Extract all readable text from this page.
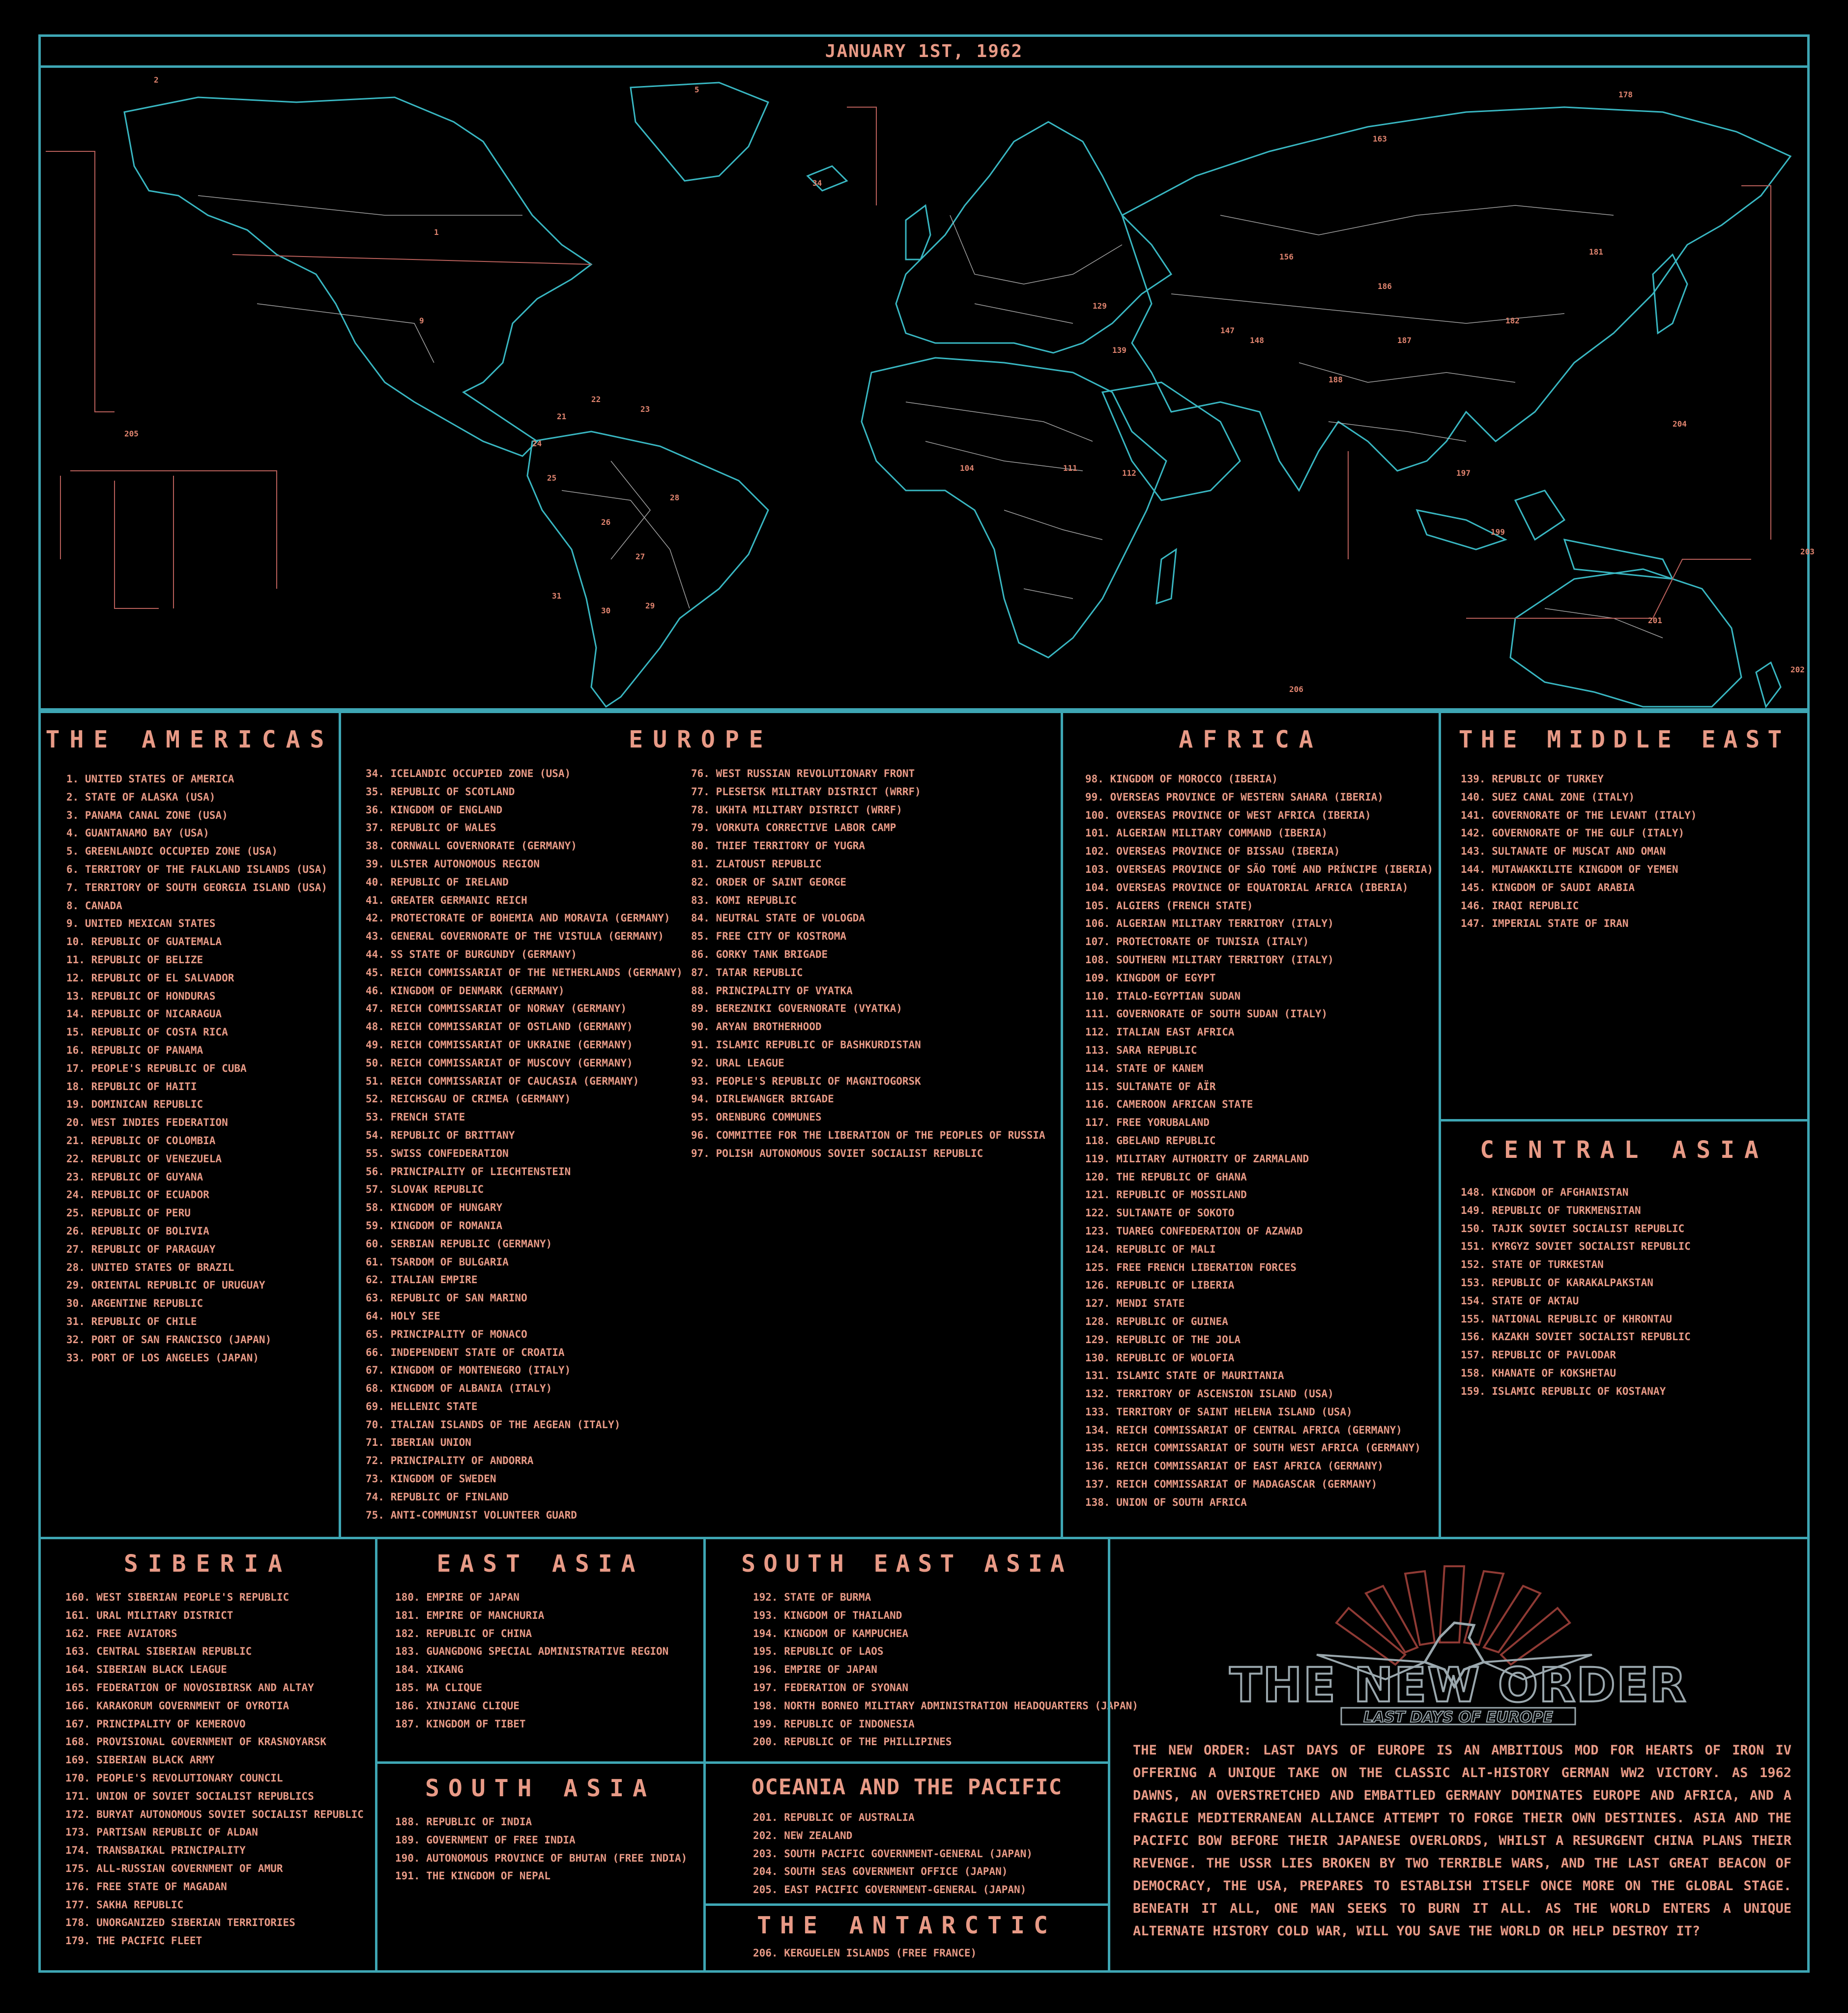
JANUARY 1ST, 1962
1
2
5
9
21
22
23
24
25
26
27
28
29
30
31
34
104	111
112
129
139
147
148
156
163
178
181
182
186
187
188
197
199
201
202
203
204
205
206
THE AMERICAS
1. UNITED STATES OF AMERICA
2. STATE OF ALASKA (USA)
3. PANAMA CANAL ZONE (USA)
4. GUANTANAMO BAY (USA)
5. GREENLANDIC OCCUPIED ZONE (USA)
6. TERRITORY OF THE FALKLAND ISLANDS (USA)
7. TERRITORY OF SOUTH GEORGIA ISLAND (USA)
8. CANADA
9. UNITED MEXICAN STATES
10. REPUBLIC OF GUATEMALA
11. REPUBLIC OF BELIZE
12. REPUBLIC OF EL SALVADOR
13. REPUBLIC OF HONDURAS
14. REPUBLIC OF NICARAGUA
15. REPUBLIC OF COSTA RICA
16. REPUBLIC OF PANAMA
17. PEOPLE'S REPUBLIC OF CUBA
18. REPUBLIC OF HAITI
19. DOMINICAN REPUBLIC
20. WEST INDIES FEDERATION
21. REPUBLIC OF COLOMBIA
22. REPUBLIC OF VENEZUELA
23. REPUBLIC OF GUYANA
24. REPUBLIC OF ECUADOR
25. REPUBLIC OF PERU
26. REPUBLIC OF BOLIVIA
27. REPUBLIC OF PARAGUAY
28. UNITED STATES OF BRAZIL
29. ORIENTAL REPUBLIC OF URUGUAY
30. ARGENTINE REPUBLIC
31. REPUBLIC OF CHILE
32. PORT OF SAN FRANCISCO (JAPAN)
33. PORT OF LOS ANGELES (JAPAN)
EUROPE
34. ICELANDIC OCCUPIED ZONE (USA)
35. REPUBLIC OF SCOTLAND
36. KINGDOM OF ENGLAND
37. REPUBLIC OF WALES
38. CORNWALL GOVERNORATE (GERMANY)
39. ULSTER AUTONOMOUS REGION
40. REPUBLIC OF IRELAND
41. GREATER GERMANIC REICH
42. PROTECTORATE OF BOHEMIA AND MORAVIA (GERMANY)
43. GENERAL GOVERNORATE OF THE VISTULA (GERMANY)
44. SS STATE OF BURGUNDY (GERMANY)
45. REICH COMMISSARIAT OF THE NETHERLANDS (GERMANY)
46. KINGDOM OF DENMARK (GERMANY)
47. REICH COMMISSARIAT OF NORWAY (GERMANY)
48. REICH COMMISSARIAT OF OSTLAND (GERMANY)
49. REICH COMMISSARIAT OF UKRAINE (GERMANY)
50. REICH COMMISSARIAT OF MUSCOVY (GERMANY)
51. REICH COMMISSARIAT OF CAUCASIA (GERMANY)
52. REICHSGAU OF CRIMEA (GERMANY)
53. FRENCH STATE
54. REPUBLIC OF BRITTANY
55. SWISS CONFEDERATION
56. PRINCIPALITY OF LIECHTENSTEIN
57. SLOVAK REPUBLIC
58. KINGDOM OF HUNGARY
59. KINGDOM OF ROMANIA
60. SERBIAN REPUBLIC (GERMANY)
61. TSARDOM OF BULGARIA
62. ITALIAN EMPIRE
63. REPUBLIC OF SAN MARINO
64. HOLY SEE
65. PRINCIPALITY OF MONACO
66. INDEPENDENT STATE OF CROATIA
67. KINGDOM OF MONTENEGRO (ITALY)
68. KINGDOM OF ALBANIA (ITALY)
69. HELLENIC STATE
70. ITALIAN ISLANDS OF THE AEGEAN (ITALY)
71. IBERIAN UNION
72. PRINCIPALITY OF ANDORRA
73. KINGDOM OF SWEDEN
74. REPUBLIC OF FINLAND
75. ANTI-COMMUNIST VOLUNTEER GUARD
76. WEST RUSSIAN REVOLUTIONARY FRONT
77. PLESETSK MILITARY DISTRICT (WRRF)
78. UKHTA MILITARY DISTRICT (WRRF)
79. VORKUTA CORRECTIVE LABOR CAMP
80. THIEF TERRITORY OF YUGRA
81. ZLATOUST REPUBLIC
82. ORDER OF SAINT GEORGE
83. KOMI REPUBLIC
84. NEUTRAL STATE OF VOLOGDA
85. FREE CITY OF KOSTROMA
86. GORKY TANK BRIGADE
87. TATAR REPUBLIC
88. PRINCIPALITY OF VYATKA
89. BEREZNIKI GOVERNORATE (VYATKA)
90. ARYAN BROTHERHOOD
91. ISLAMIC REPUBLIC OF BASHKURDISTAN
92. URAL LEAGUE
93. PEOPLE'S REPUBLIC OF MAGNITOGORSK
94. DIRLEWANGER BRIGADE
95. ORENBURG COMMUNES
96. COMMITTEE FOR THE LIBERATION OF THE PEOPLES OF RUSSIA
97. POLISH AUTONOMOUS SOVIET SOCIALIST REPUBLIC
AFRICA
98. KINGDOM OF MOROCCO (IBERIA)
99. OVERSEAS PROVINCE OF WESTERN SAHARA (IBERIA)
100. OVERSEAS PROVINCE OF WEST AFRICA (IBERIA)
101. ALGERIAN MILITARY COMMAND (IBERIA)
102. OVERSEAS PROVINCE OF BISSAU (IBERIA)
103. OVERSEAS PROVINCE OF SÃO TOMÉ AND PRÍNCIPE (IBERIA)
104. OVERSEAS PROVINCE OF EQUATORIAL AFRICA (IBERIA)
105. ALGIERS (FRENCH STATE)
106. ALGERIAN MILITARY TERRITORY (ITALY)
107. PROTECTORATE OF TUNISIA (ITALY)
108. SOUTHERN MILITARY TERRITORY (ITALY)
109. KINGDOM OF EGYPT
110. ITALO-EGYPTIAN SUDAN
111. GOVERNORATE OF SOUTH SUDAN (ITALY)
112. ITALIAN EAST AFRICA
113. SARA REPUBLIC
114. STATE OF KANEM
115. SULTANATE OF AÏR
116. CAMEROON AFRICAN STATE
117. FREE YORUBALAND
118. GBELAND REPUBLIC
119. MILITARY AUTHORITY OF ZARMALAND
120. THE REPUBLIC OF GHANA
121. REPUBLIC OF MOSSILAND
122. SULTANATE OF SOKOTO
123. TUAREG CONFEDERATION OF AZAWAD
124. REPUBLIC OF MALI
125. FREE FRENCH LIBERATION FORCES
126. REPUBLIC OF LIBERIA
127. MENDI STATE
128. REPUBLIC OF GUINEA
129. REPUBLIC OF THE JOLA
130. REPUBLIC OF WOLOFIA
131. ISLAMIC STATE OF MAURITANIA
132. TERRITORY OF ASCENSION ISLAND (USA)
133. TERRITORY OF SAINT HELENA ISLAND (USA)
134. REICH COMMISSARIAT OF CENTRAL AFRICA (GERMANY)
135. REICH COMMISSARIAT OF SOUTH WEST AFRICA (GERMANY)
136. REICH COMMISSARIAT OF EAST AFRICA (GERMANY)
137. REICH COMMISSARIAT OF MADAGASCAR (GERMANY)
138. UNION OF SOUTH AFRICA
THE MIDDLE EAST
139. REPUBLIC OF TURKEY
140. SUEZ CANAL ZONE (ITALY)
141. GOVERNORATE OF THE LEVANT (ITALY)
142. GOVERNORATE OF THE GULF (ITALY)
143. SULTANATE OF MUSCAT AND OMAN
144. MUTAWAKKILITE KINGDOM OF YEMEN
145. KINGDOM OF SAUDI ARABIA
146. IRAQI REPUBLIC
147. IMPERIAL STATE OF IRAN
CENTRAL ASIA
148. KINGDOM OF AFGHANISTAN
149. REPUBLIC OF TURKMENSITAN
150. TAJIK SOVIET SOCIALIST REPUBLIC
151. KYRGYZ SOVIET SOCIALIST REPUBLIC
152. STATE OF TURKESTAN
153. REPUBLIC OF KARAKALPAKSTAN
154. STATE OF AKTAU
155. NATIONAL REPUBLIC OF KHRONTAU
156. KAZAKH SOVIET SOCIALIST REPUBLIC
157. REPUBLIC OF PAVLODAR
158. KHANATE OF KOKSHETAU
159. ISLAMIC REPUBLIC OF KOSTANAY
SIBERIA
160. WEST SIBERIAN PEOPLE'S REPUBLIC
161. URAL MILITARY DISTRICT
162. FREE AVIATORS
163. CENTRAL SIBERIAN REPUBLIC
164. SIBERIAN BLACK LEAGUE
165. FEDERATION OF NOVOSIBIRSK AND ALTAY
166. KARAKORUM GOVERNMENT OF OYROTIA
167. PRINCIPALITY OF KEMEROVO
168. PROVISIONAL GOVERNMENT OF KRASNOYARSK
169. SIBERIAN BLACK ARMY
170. PEOPLE'S REVOLUTIONARY COUNCIL
171. UNION OF SOVIET SOCIALIST REPUBLICS
172. BURYAT AUTONOMOUS SOVIET SOCIALIST REPUBLIC
173. PARTISAN REPUBLIC OF ALDAN
174. TRANSBAIKAL PRINCIPALITY
175. ALL-RUSSIAN GOVERNMENT OF AMUR
176. FREE STATE OF MAGADAN
177. SAKHA REPUBLIC
178. UNORGANIZED SIBERIAN TERRITORIES
179. THE PACIFIC FLEET
EAST ASIA
180. EMPIRE OF JAPAN
181. EMPIRE OF MANCHURIA
182. REPUBLIC OF CHINA
183. GUANGDONG SPECIAL ADMINISTRATIVE REGION
184. XIKANG
185. MA CLIQUE
186. XINJIANG CLIQUE
187. KINGDOM OF TIBET
SOUTH ASIA
188. REPUBLIC OF INDIA
189. GOVERNMENT OF FREE INDIA
190. AUTONOMOUS PROVINCE OF BHUTAN (FREE INDIA)
191. THE KINGDOM OF NEPAL
SOUTH EAST ASIA
192. STATE OF BURMA
193. KINGDOM OF THAILAND
194. KINGDOM OF KAMPUCHEA
195. REPUBLIC OF LAOS
196. EMPIRE OF JAPAN
197. FEDERATION OF SYONAN
198. NORTH BORNEO MILITARY ADMINISTRATION HEADQUARTERS (JAPAN)
199. REPUBLIC OF INDONESIA
200. REPUBLIC OF THE PHILLIPINES
OCEANIA AND THE PACIFIC
201. REPUBLIC OF AUSTRALIA
202. NEW ZEALAND
203. SOUTH PACIFIC GOVERNMENT-GENERAL (JAPAN)
204. SOUTH SEAS GOVERNMENT OFFICE (JAPAN)
205. EAST PACIFIC GOVERNMENT-GENERAL (JAPAN)
THE ANTARCTIC
206. KERGUELEN ISLANDS (FREE FRANCE)
THE NEW ORDER
LAST DAYS OF EUROPE
THE NEW ORDER: LAST DAYS OF EUROPE IS AN AMBITIOUS MOD FOR HEARTS OF IRON IV OFFERING A UNIQUE TAKE ON THE CLASSIC ALT-HISTORY GERMAN WW2 VICTORY. AS 1962 DAWNS, AN OVERSTRETCHED AND EMBATTLED GERMANY DOMINATES EUROPE AND AFRICA, AND A FRAGILE MEDITERRANEAN ALLIANCE ATTEMPT TO FORGE THEIR OWN DESTINIES. ASIA AND THE PACIFIC BOW BEFORE THEIR JAPANESE OVERLORDS, WHILST A RESURGENT CHINA PLANS THEIR REVENGE. THE USSR LIES BROKEN BY TWO TERRIBLE WARS, AND THE LAST GREAT BEACON OF DEMOCRACY, THE USA, PREPARES TO ESTABLISH ITSELF ONCE MORE ON THE GLOBAL STAGE. BENEATH IT ALL, ONE MAN SEEKS TO BURN IT ALL. AS THE WORLD ENTERS A UNIQUE ALTERNATE HISTORY COLD WAR, WILL YOU SAVE THE WORLD OR HELP DESTROY IT?
